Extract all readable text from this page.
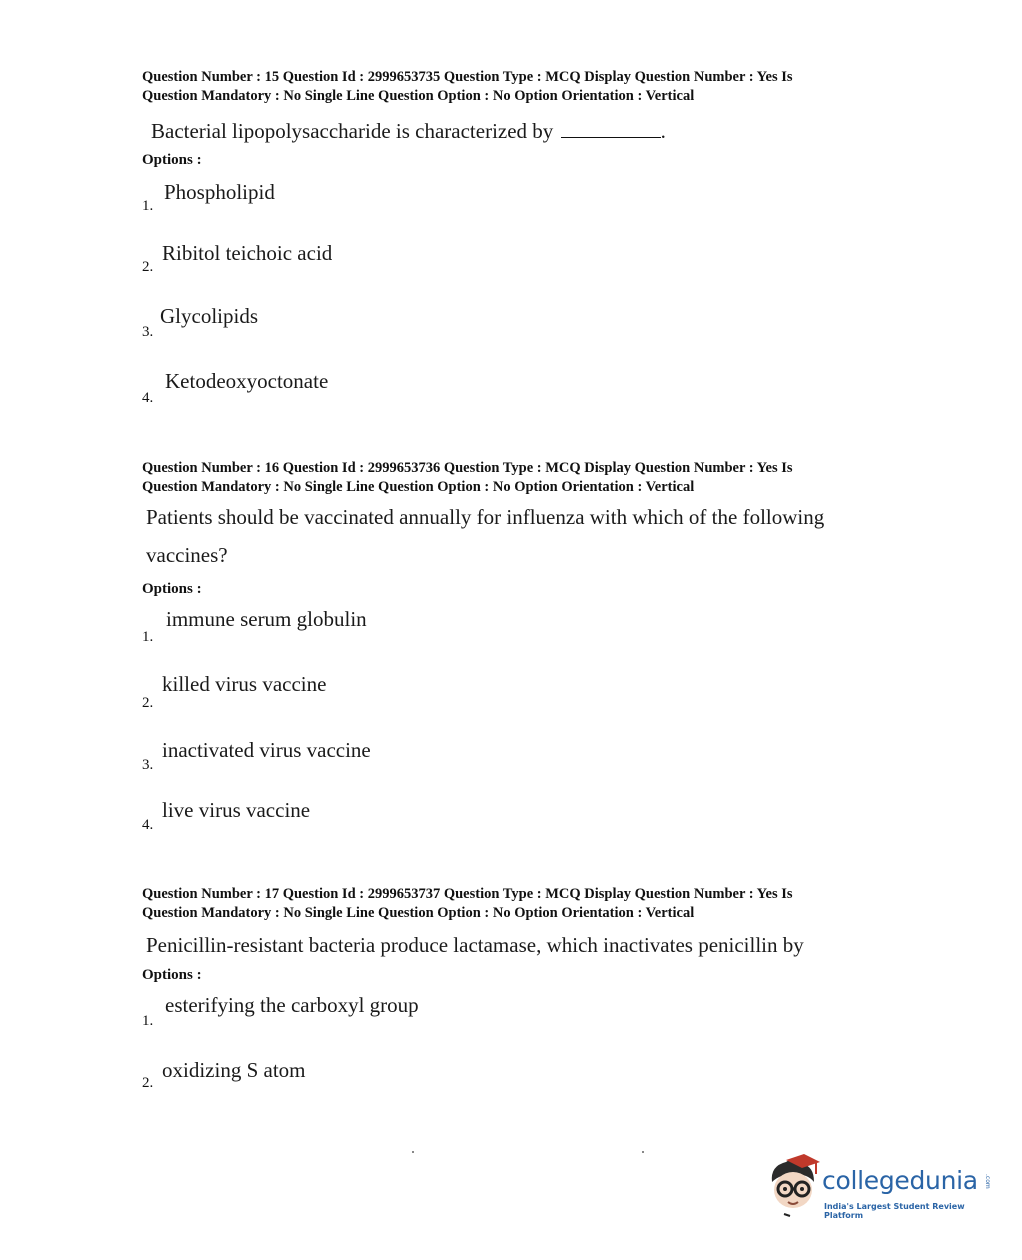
Question Number : 15 Question Id : 2999653735 Question Type : MCQ Display Question Number : Yes Is
Question Mandatory : No Single Line Question Option : No Option Orientation : Vertical
Bacterial lipopolysaccharide is characterized by	.
Options :
1.
Phospholipid
2.
Ribitol teichoic acid
3.
Glycolipids
4.
Ketodeoxyoctonate
Question Number : 16 Question Id : 2999653736 Question Type : MCQ Display Question Number : Yes Is
Question Mandatory : No Single Line Question Option : No Option Orientation : Vertical
Patients should be vaccinated annually for influenza with which of the following
vaccines?
Options :
1.
immune serum globulin
2.
killed virus vaccine
3.
inactivated virus vaccine
4.
live virus vaccine
Question Number : 17 Question Id : 2999653737 Question Type : MCQ Display Question Number : Yes Is
Question Mandatory : No Single Line Question Option : No Option Orientation : Vertical
Penicillin-resistant bacteria produce lactamase, which inactivates penicillin by
Options :
1.
esterifying the carboxyl group
2.
oxidizing S atom
collegedunia .com
India's Largest Student Review Platform
